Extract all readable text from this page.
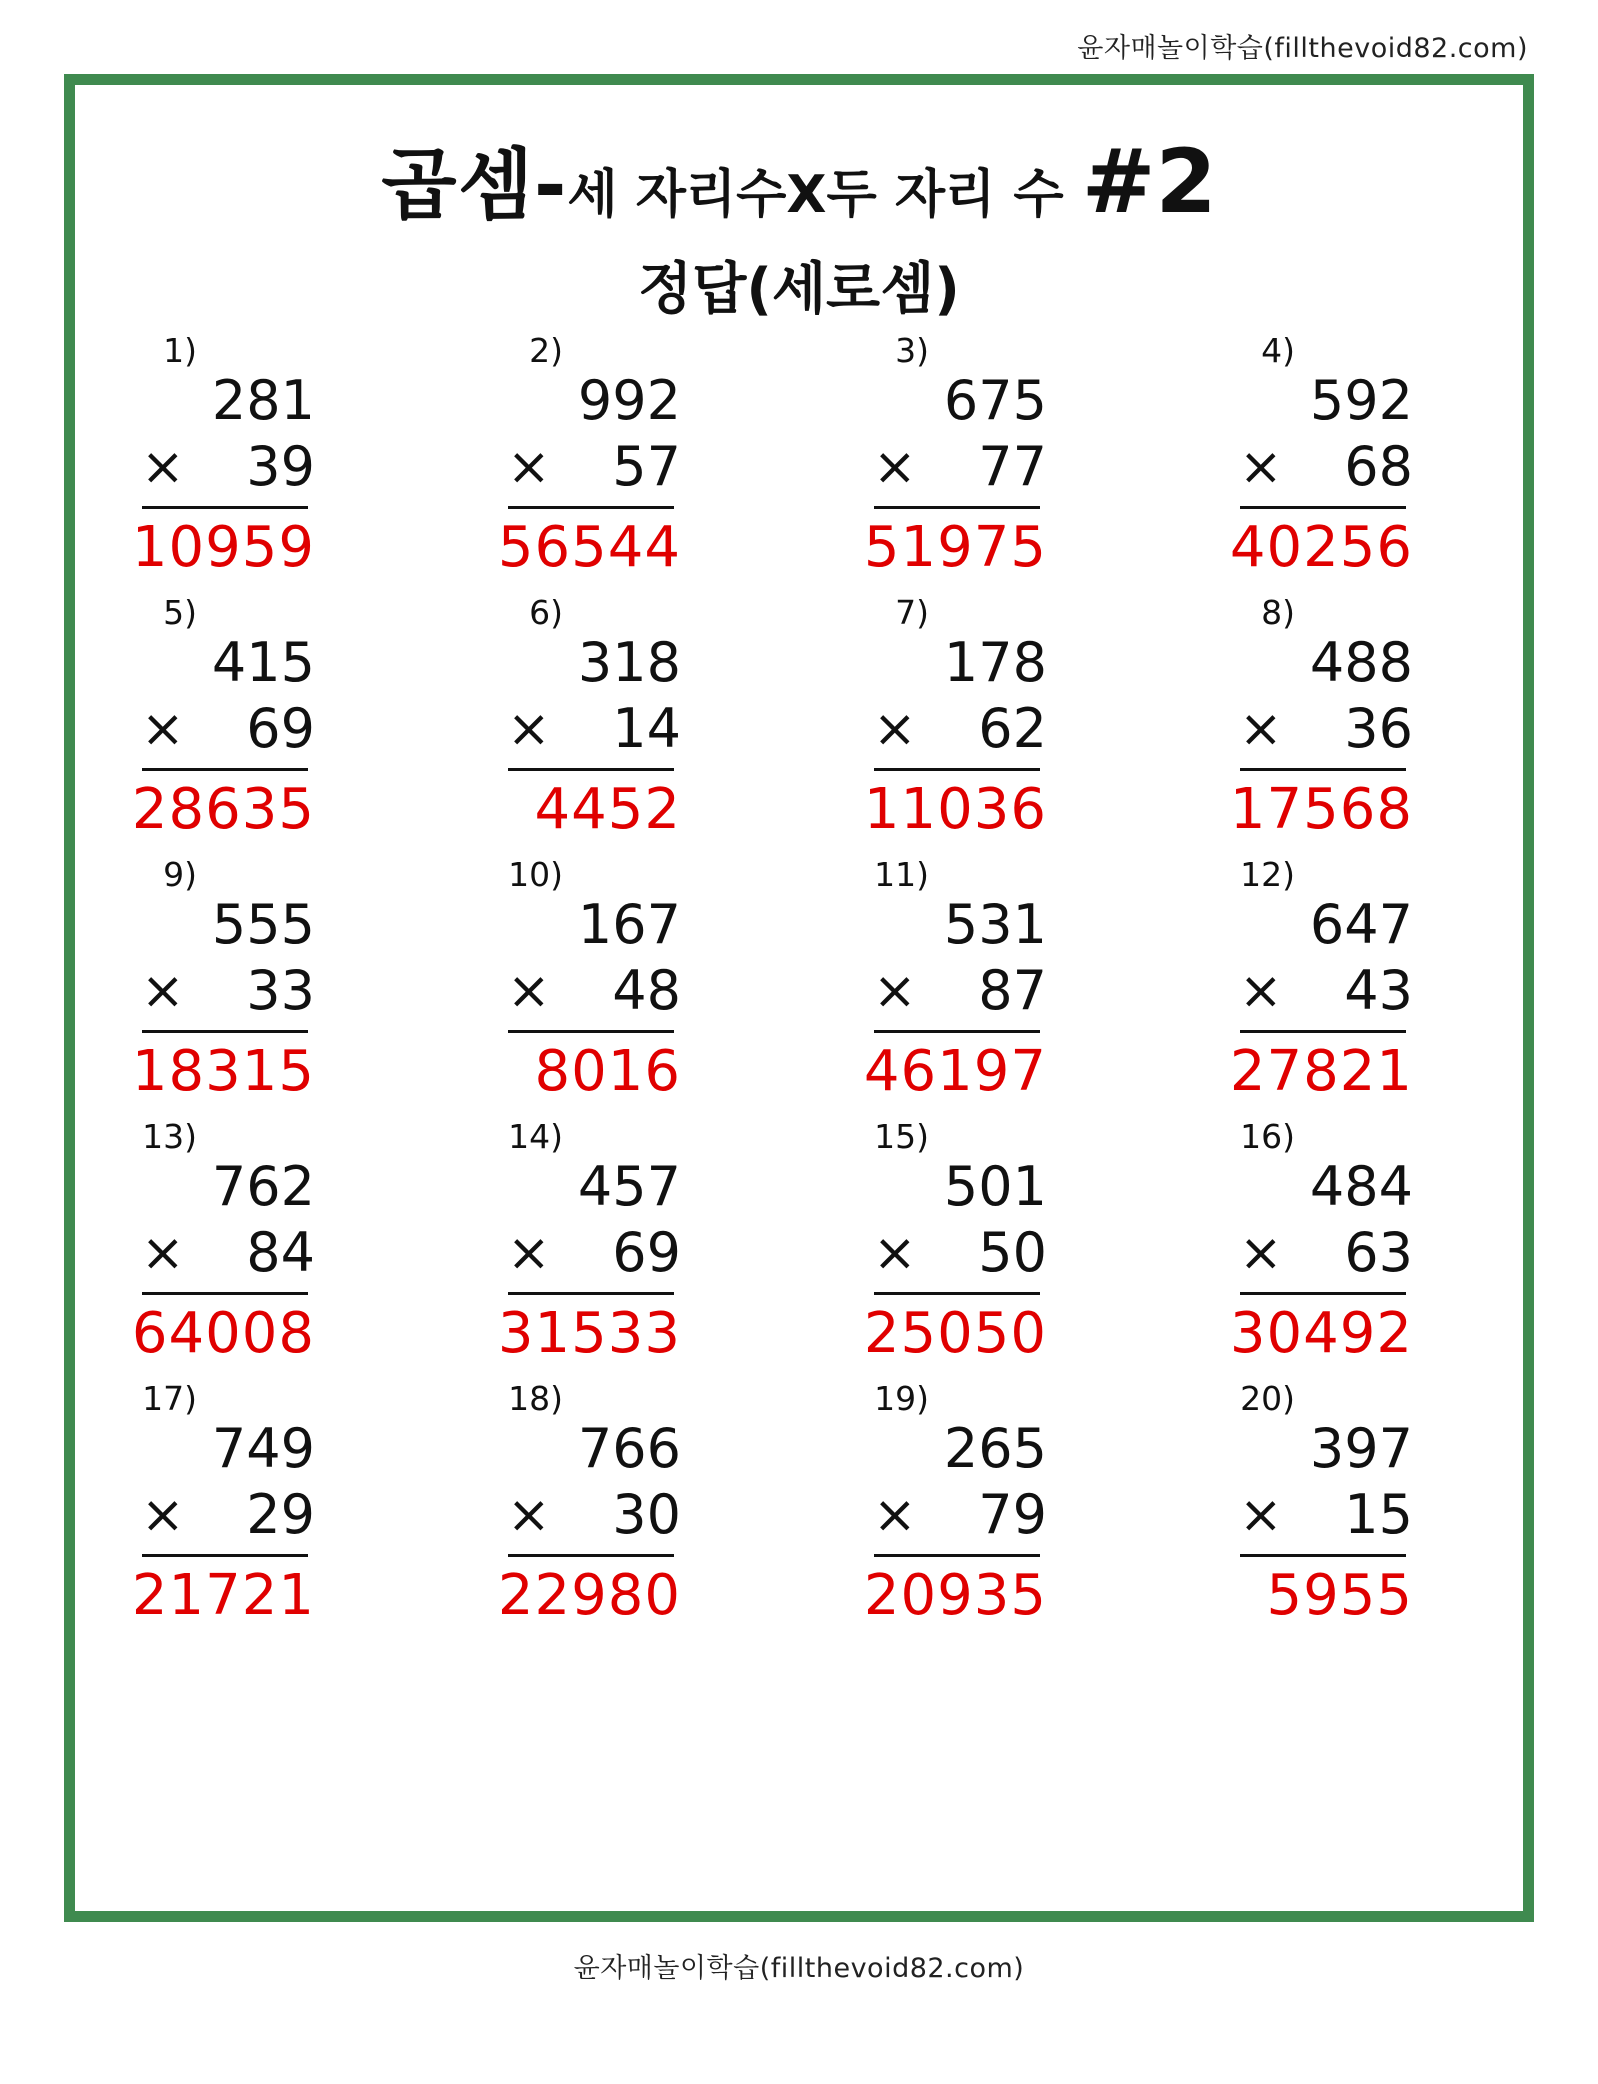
윤자매놀이학습(fillthevoid82.com)
곱셈-세 자리수X두 자리 수 #2
정답(세로셈)
1)
281
× 39
10959
2)
992
× 57
56544
3)
675
× 77
51975
4)
592
× 68
40256
5)
415
× 69
28635
6)
318
× 14
4452
7)
178
× 62
11036
8)
488
× 36
17568
9)
555
× 33
18315
10)
167
× 48
8016
11)
531
× 87
46197
12)
647
× 43
27821
13)
762
× 84
64008
14)
457
× 69
31533
15)
501
× 50
25050
16)
484
× 63
30492
17)
749
× 29
21721
18)
766
× 30
22980
19)
265
× 79
20935
20)
397
× 15
5955
윤자매놀이학습(fillthevoid82.com)
